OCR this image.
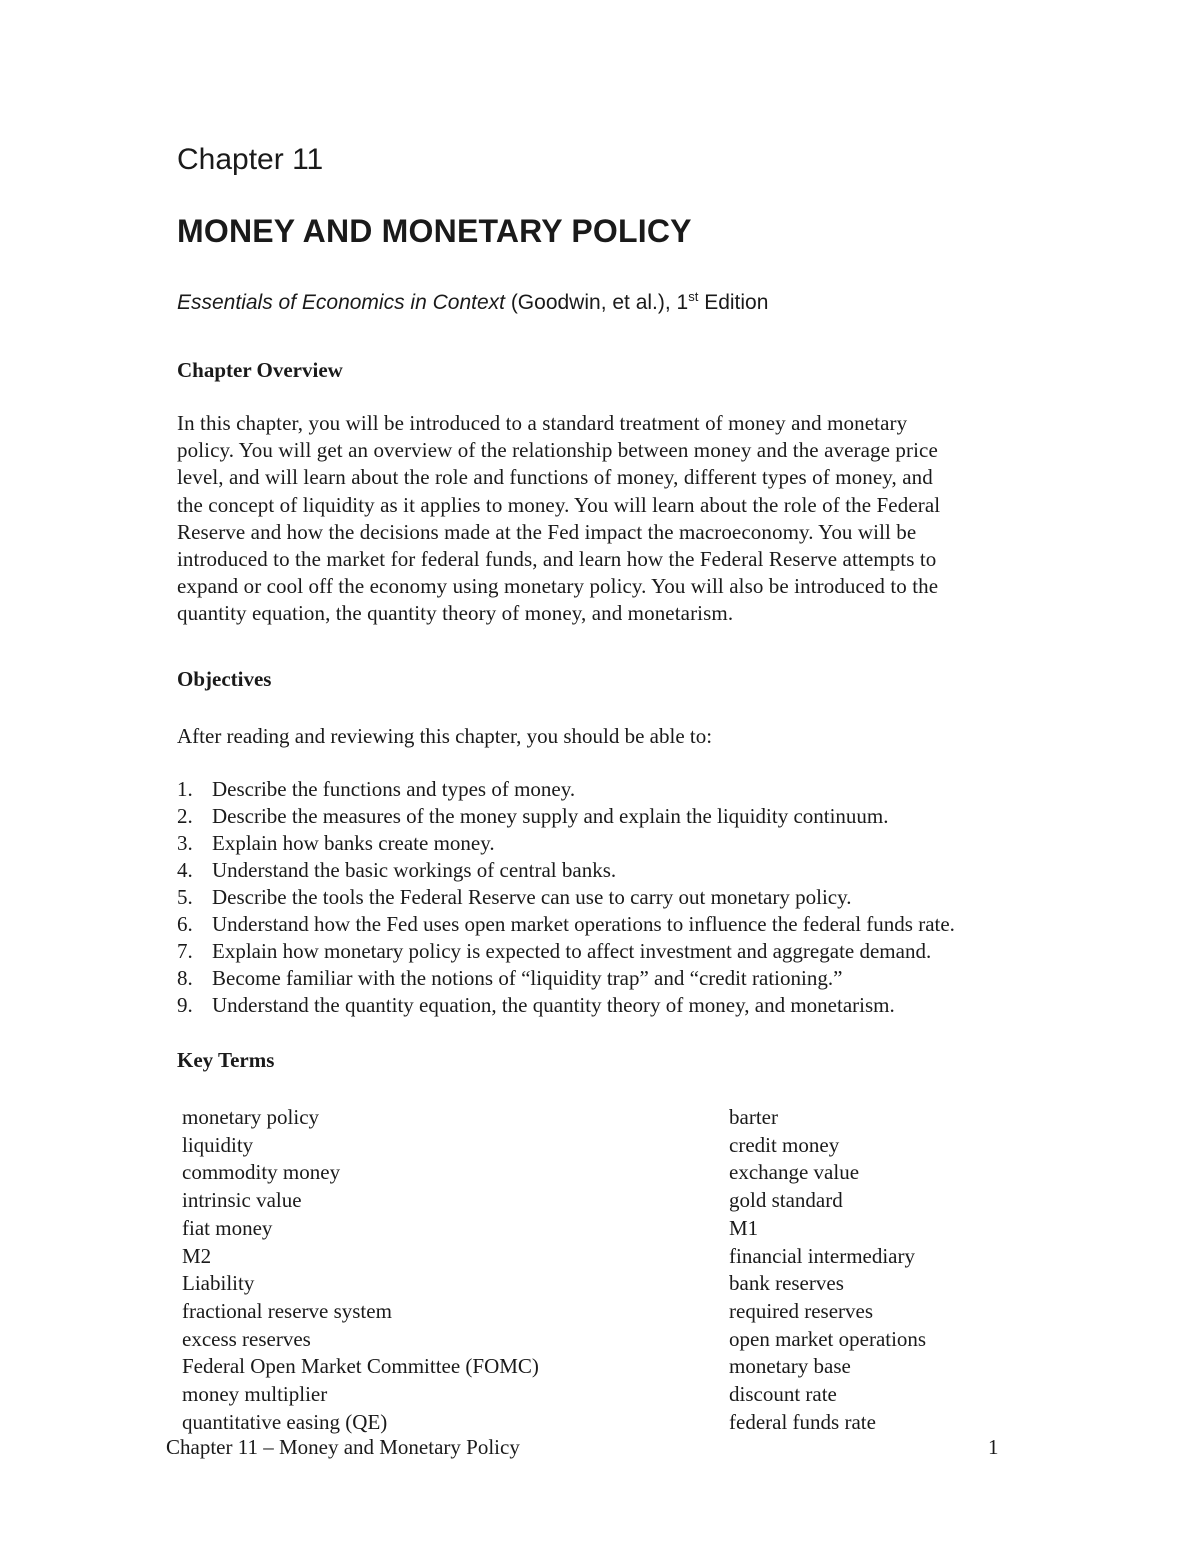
Chapter 11
MONEY AND MONETARY POLICY

Essentials of Economics in Context (Goodwin, et al.), 1st Edition

Chapter Overview

In this chapter, you will be introduced to a standard treatment of money and monetary
policy. You will get an overview of the relationship between money and the average price
level, and will learn about the role and functions of money, different types of money, and
the concept of liquidity as it applies to money. You will learn about the role of the Federal
Reserve and how the decisions made at the Fed impact the macroeconomy. You will be
introduced to the market for federal funds, and learn how the Federal Reserve attempts to
expand or cool off the economy using monetary policy. You will also be introduced to the
quantity equation, the quantity theory of money, and monetarism.

Objectives

After reading and reviewing this chapter, you should be able to:

1. Describe the functions and types of money.
2. Describe the measures of the money supply and explain the liquidity continuum.
3. Explain how banks create money.
4. Understand the basic workings of central banks.
5. Describe the tools the Federal Reserve can use to carry out monetary policy.
6. Understand how the Fed uses open market operations to influence the federal funds rate.
7. Explain how monetary policy is expected to affect investment and aggregate demand.
8. Become familiar with the notions of “liquidity trap” and “credit rationing.”
9. Understand the quantity equation, the quantity theory of money, and monetarism.
Key Terms
monetary policy
liquidity
commodity money
intrinsic value
fiat money
M2
Liability
fractional reserve system
excess reserves
Federal Open Market Committee (FOMC)
money multiplier
quantitative easing (QE)
barter
credit money
exchange value
gold standard
M1
financial intermediary
bank reserves
required reserves
open market operations
monetary base
discount rate
federal funds rate

Chapter 11 – Money and Monetary Policy	1
